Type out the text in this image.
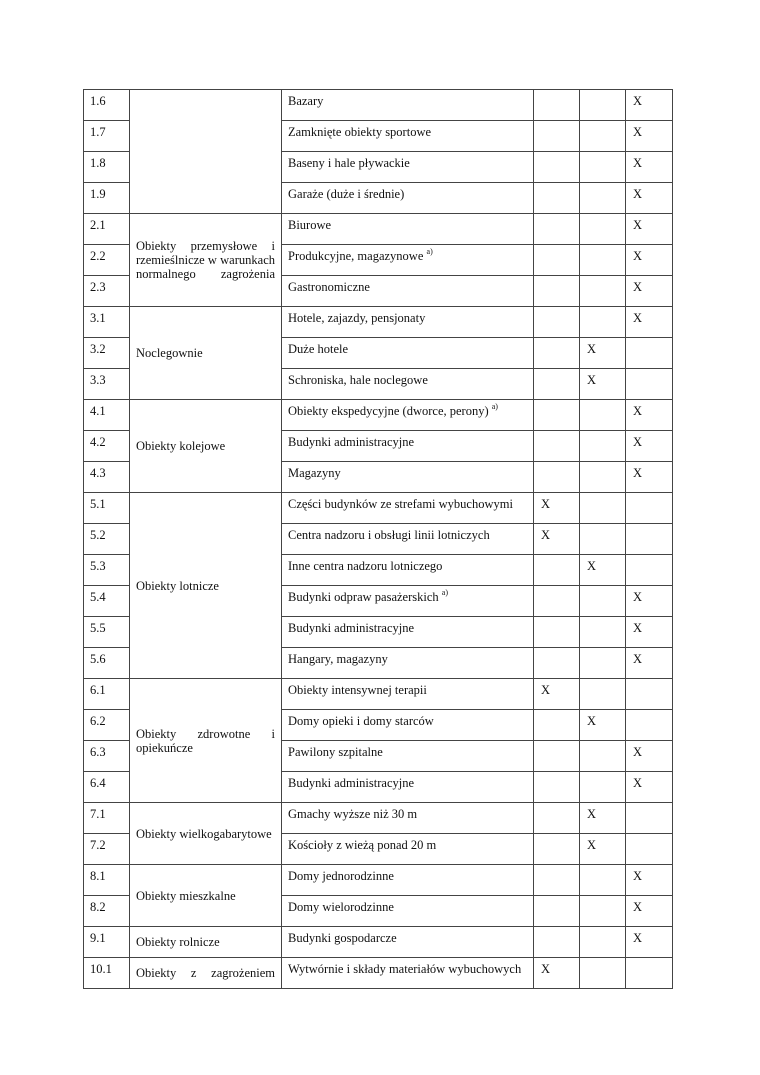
1.6		Bazary			X
1.7		Zamknięte obiekty sportowe			X
1.8		Baseny i hale pływackie			X
1.9		Garaże (duże i średnie)			X
2.1	Obiekty przemysłowe i rzemieślnicze w warunkach normalnego zagrożenia	Biurowe			X
2.2		Produkcyjne, magazynowe $^{a)}$			X
2.3		Gastronomiczne			X
3.1	Noclegownie	Hotele, zajazdy, pensjonaty			X
3.2		Duże hotele		X	
3.3		Schroniska, hale noclegowe		X	
4.1	Obiekty kolejowe	Obiekty ekspedycyjne (dworce, perony) $^{a)}$			X
4.2		Budynki administracyjne			X
4.3		Magazyny			X
5.1	Obiekty lotnicze	Części budynków ze strefami wybuchowymi	X		
5.2		Centra nadzoru i obsługi linii lotniczych	X		
5.3		Inne centra nadzoru lotniczego		X	
5.4		Budynki odpraw pasażerskich $^{a)}$			X
5.5		Budynki administracyjne			X
5.6		Hangary, magazyny			X
6.1	Obiekty zdrowotne i opiekuńcze	Obiekty intensywnej terapii	X		
6.2		Domy opieki i domy starców		X	
6.3		Pawilony szpitalne			X
6.4		Budynki administracyjne			X
7.1	Obiekty wielkogabarytowe	Gmachy wyższe niż 30 m		X	
7.2		Kościoły z wieżą ponad 20 m		X	
8.1	Obiekty mieszkalne	Domy jednorodzinne			X
8.2		Domy wielorodzinne			X
9.1	Obiekty rolnicze	Budynki gospodarcze			X
10.1	Obiekty z zagrożeniem	Wytwórnie i składy materiałów wybuchowych	X		
